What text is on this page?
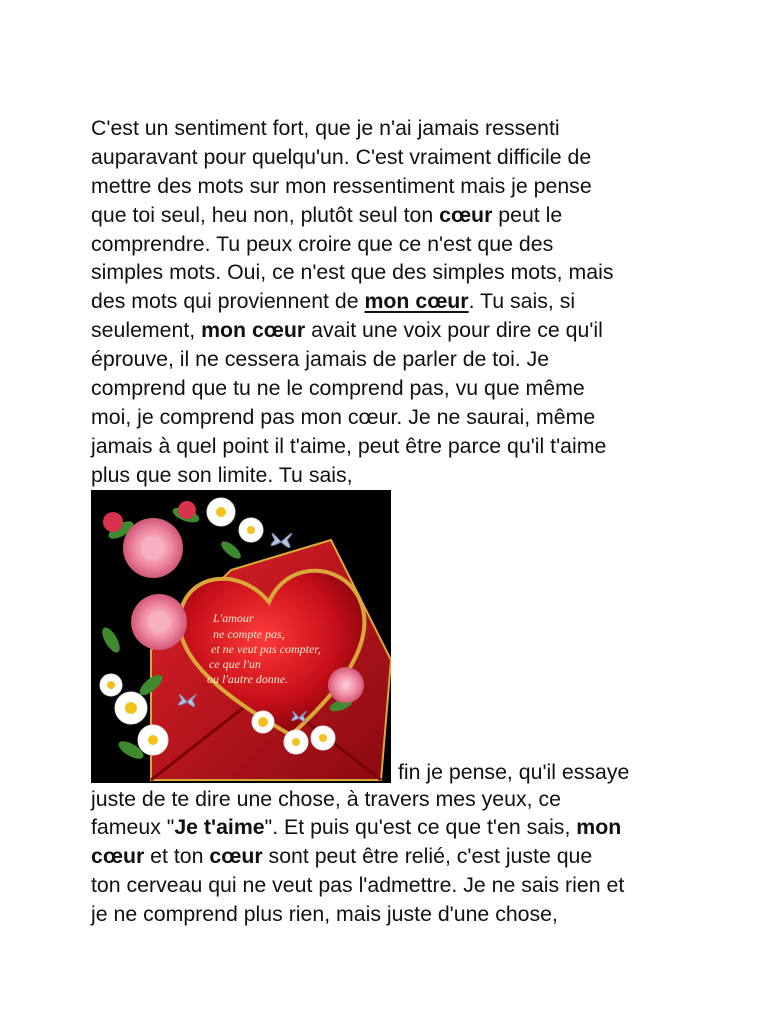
C'est un sentiment fort, que je n'ai jamais ressenti
auparavant pour quelqu'un. C'est vraiment difficile de
mettre des mots sur mon ressentiment mais je pense
que toi seul, heu non, plutôt seul ton cœur peut le
comprendre. Tu peux croire que ce n'est que des
simples mots. Oui, ce n'est que des simples mots, mais
des mots qui proviennent de mon cœur. Tu sais, si
seulement, mon cœur avait une voix pour dire ce qu'il
éprouve, il ne cessera jamais de parler de toi. Je
comprend que tu ne le comprend pas, vu que même
moi, je comprend pas mon cœur. Je ne saurai, même
jamais à quel point il t'aime, peut être parce qu'il t'aime
plus que son limite. Tu sais,
L'amour
ne compte pas,
et ne veut pas compter,
ce que l'un
ou l'autre donne.
fin je pense, qu'il essaye
juste de te dire une chose, à travers mes yeux, ce
fameux "Je t'aime". Et puis qu'est ce que t'en sais, mon
cœur et ton cœur sont peut être relié, c'est juste que
ton cerveau qui ne veut pas l'admettre. Je ne sais rien et
je ne comprend plus rien, mais juste d'une chose,
